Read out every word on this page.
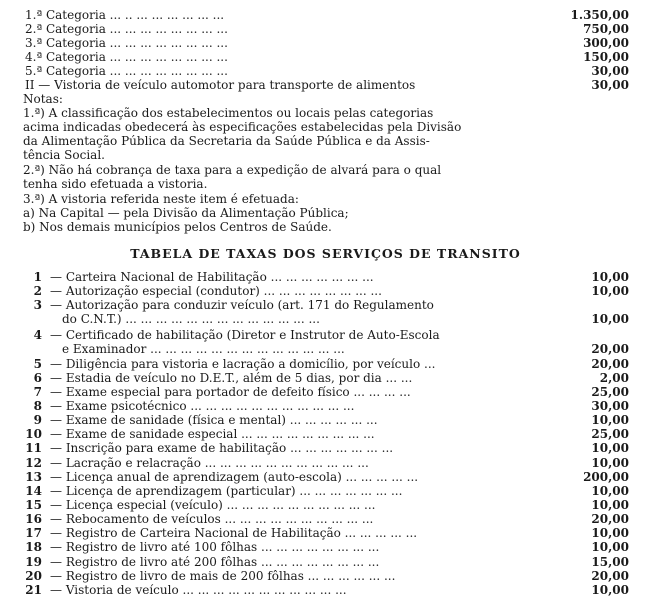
1.ª Categoria ... .. ... ... ... ... ... ...	1.350,00
2.ª Categoria ... ... ... ... ... ... ... ...	750,00
3.ª Categoria ... ... ... ... ... ... ... ...	300,00
4.ª Categoria ... ... ... ... ... ... ... ...	150,00
5.ª Categoria ... ... ... ... ... ... ... ...	30,00
II — Vistoria de veículo automotor para transporte de alimentos	30,00
Notas:
1.ª) A classificação dos estabelecimentos ou locais pelas categorias
acima indicadas obedecerá às especificações estabelecidas pela Divisão
da Alimentação Pública da Secretaria da Saúde Pública e da Assis-
tência Social.
2.ª) Não há cobrança de taxa para a expedição de alvará para o qual
tenha sido efetuada a vistoria.
3.ª) A vistoria referida neste item é efetuada:
a) Na Capital — pela Divisão da Alimentação Pública;
b) Nos demais municípios pelos Centros de Saúde.
TABELA DE TAXAS DOS SERVIÇOS DE TRANSITO
1 — Carteira Nacional de Habilitação ... ... ... ... ... ... ...	10,00
2 — Autorização especial (condutor) ... ... ... ... ... ... ... ...	10,00
3 — Autorização para conduzir veículo (art. 171 do Regulamento
do C.N.T.) ... ... ... ... ... ... ... ... ... ... ... ... ...	10,00
4 — Certificado de habilitação (Diretor e Instrutor de Auto-Escola
e Examinador ... ... ... ... ... ... ... ... ... ... ... ... ...	20,00
5 — Diligência para vistoria e lacração a domicílio, por veículo ...	20,00
6 — Estadia de veículo no D.E.T., além de 5 dias, por dia ... ...	2,00
7 — Exame especial para portador de defeito físico ... ... ... ...	25,00
8 — Exame psicotécnico ... ... ... ... ... ... ... ... ... ... ...	30,00
9 — Exame de sanidade (física e mental) ... ... ... ... ... ...	10,00
10 — Exame de sanidade especial ... ... ... ... ... ... ... ... ...	25,00
11 — Inscrição para exame de habilitação ... ... ... ... ... ... ...	10,00
12 — Lacração e relacração ... ... ... ... ... ... ... ... ... ... ...	10,00
13 — Licença anual de aprendizagem (auto-escola) ... ... ... ... ...	200,00
14 — Licença de aprendizagem (particular) ... ... ... ... ... ... ...	10,00
15 — Licença especial (veículo) ... ... ... ... ... ... ... ... ... ...	10,00
16 — Rebocamento de veículos ... ... ... ... ... ... ... ... ... ...	20,00
17 — Registro de Carteira Nacional de Habilitação ... ... ... ... ...	10,00
18 — Registro de livro até 100 fôlhas ... ... ... ... ... ... ... ...	10,00
19 — Registro de livro até 200 fôlhas ... ... ... ... ... ... ... ...	15,00
20 — Registro de livro de mais de 200 fôlhas ... ... ... ... ... ...	20,00
21 — Vistoria de veículo ... ... ... ... ... ... ... ... ... ... ...	10,00
